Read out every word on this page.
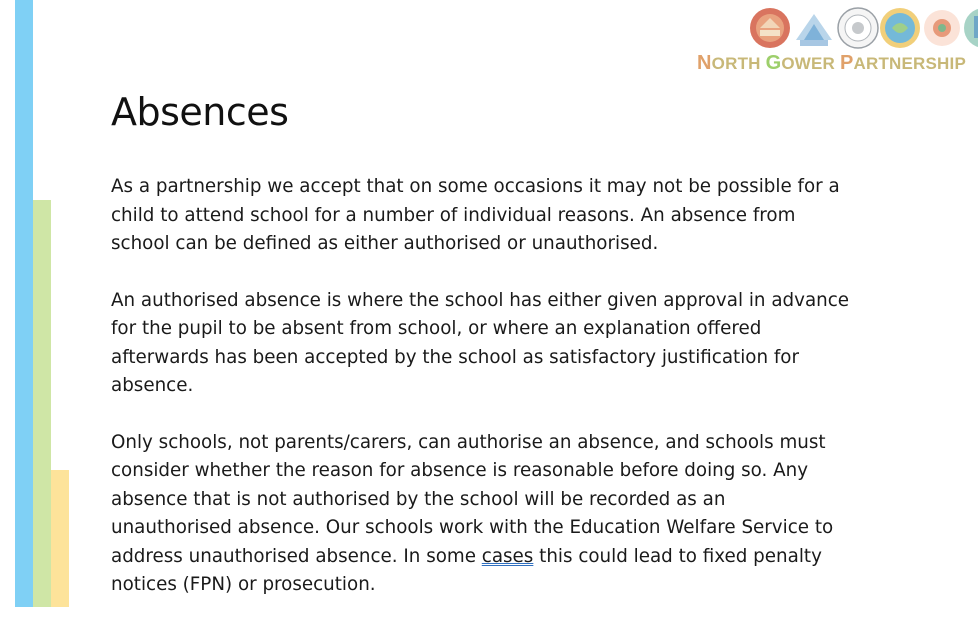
NORTH GOWER PARTNERSHIP
Absences

As a partnership we accept that on some occasions it may not be possible for a
child to attend school for a number of individual reasons. An absence from
school can be defined as either authorised or unauthorised.

An authorised absence is where the school has either given approval in advance
for the pupil to be absent from school, or where an explanation offered
afterwards has been accepted by the school as satisfactory justification for
absence.

Only schools, not parents/carers, can authorise an absence, and schools must
consider whether the reason for absence is reasonable before doing so. Any
absence that is not authorised by the school will be recorded as an
unauthorised absence. Our schools work with the Education Welfare Service to
address unauthorised absence. In some cases this could lead to fixed penalty
notices (FPN) or prosecution.
